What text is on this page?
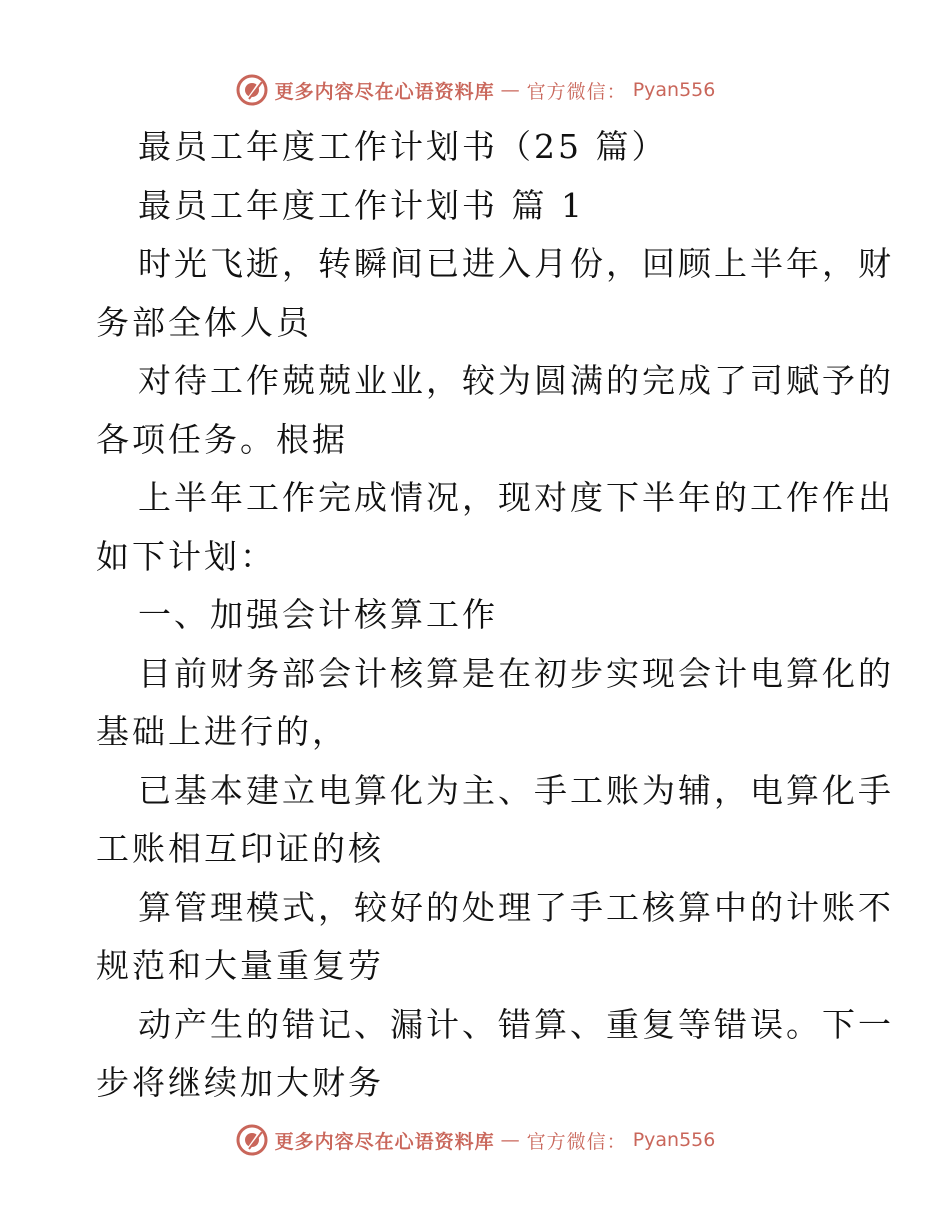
更多内容尽在心语资料库 — 官方微信： Pyan556
最员工年度工作计划书（25 篇）
最员工年度工作计划书 篇 1
时光飞逝，转瞬间已进入月份，回顾上半年，财
务部全体人员
对待工作兢兢业业，较为圆满的完成了司赋予的
各项任务。根据
上半年工作完成情况，现对度下半年的工作作出
如下计划：
一、加强会计核算工作
目前财务部会计核算是在初步实现会计电算化的
基础上进行的，
已基本建立电算化为主、手工账为辅，电算化手
工账相互印证的核
算管理模式，较好的处理了手工核算中的计账不
规范和大量重复劳
动产生的错记、漏计、错算、重复等错误。下一
步将继续加大财务
更多内容尽在心语资料库 — 官方微信： Pyan556
